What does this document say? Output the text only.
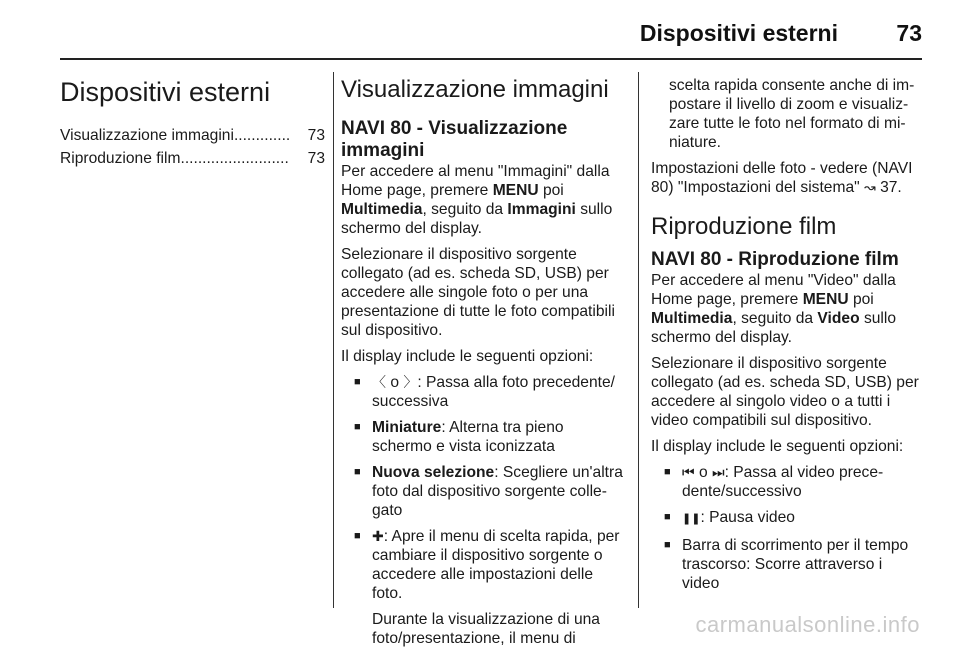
Dispositivi esterni	73
Dispositivi esterni
Visualizzazione immagini .............	73
Riproduzione film .........................	73
Visualizzazione immagini
NAVI 80 - Visualizzazione immagini
Per accedere al menu "Immagini" dalla Home page, premere MENU poi Multimedia, seguito da Immagini sullo schermo del display.
Selezionare il dispositivo sorgente collegato (ad es. scheda SD, USB) per accedere alle singole foto o per una presentazione di tutte le foto compatibili sul dispositivo.
Il display include le seguenti opzioni:
■ 〈 o 〉: Passa alla foto precedente/ successiva
■ Miniature: Alterna tra pieno schermo e vista iconizzata
■ Nuova selezione: Scegliere un'altra foto dal dispositivo sorgente colle-gato
■ ✚: Apre il menu di scelta rapida, per cambiare il dispositivo sorgente o accedere alle impostazioni delle foto.
Durante la visualizzazione di una foto/presentazione, il menu di
scelta rapida consente anche di im-postare il livello di zoom e visualiz-zare tutte le foto nel formato di mi-niature.
Impostazioni delle foto - vedere (NAVI 80) "Impostazioni del sistema" ↝ 37.
Riproduzione film
NAVI 80 - Riproduzione film
Per accedere al menu "Video" dalla Home page, premere MENU poi Multimedia, seguito da Video sullo schermo del display.
Selezionare il dispositivo sorgente collegato (ad es. scheda SD, USB) per accedere al singolo video o a tutti i video compatibili sul dispositivo.
Il display include le seguenti opzioni:
■ ⏮ o ⏭: Passa al video prece-dente/successivo
■ ❚❚: Pausa video
■ Barra di scorrimento per il tempo trascorso: Scorre attraverso i video
carmanualsonline.info
